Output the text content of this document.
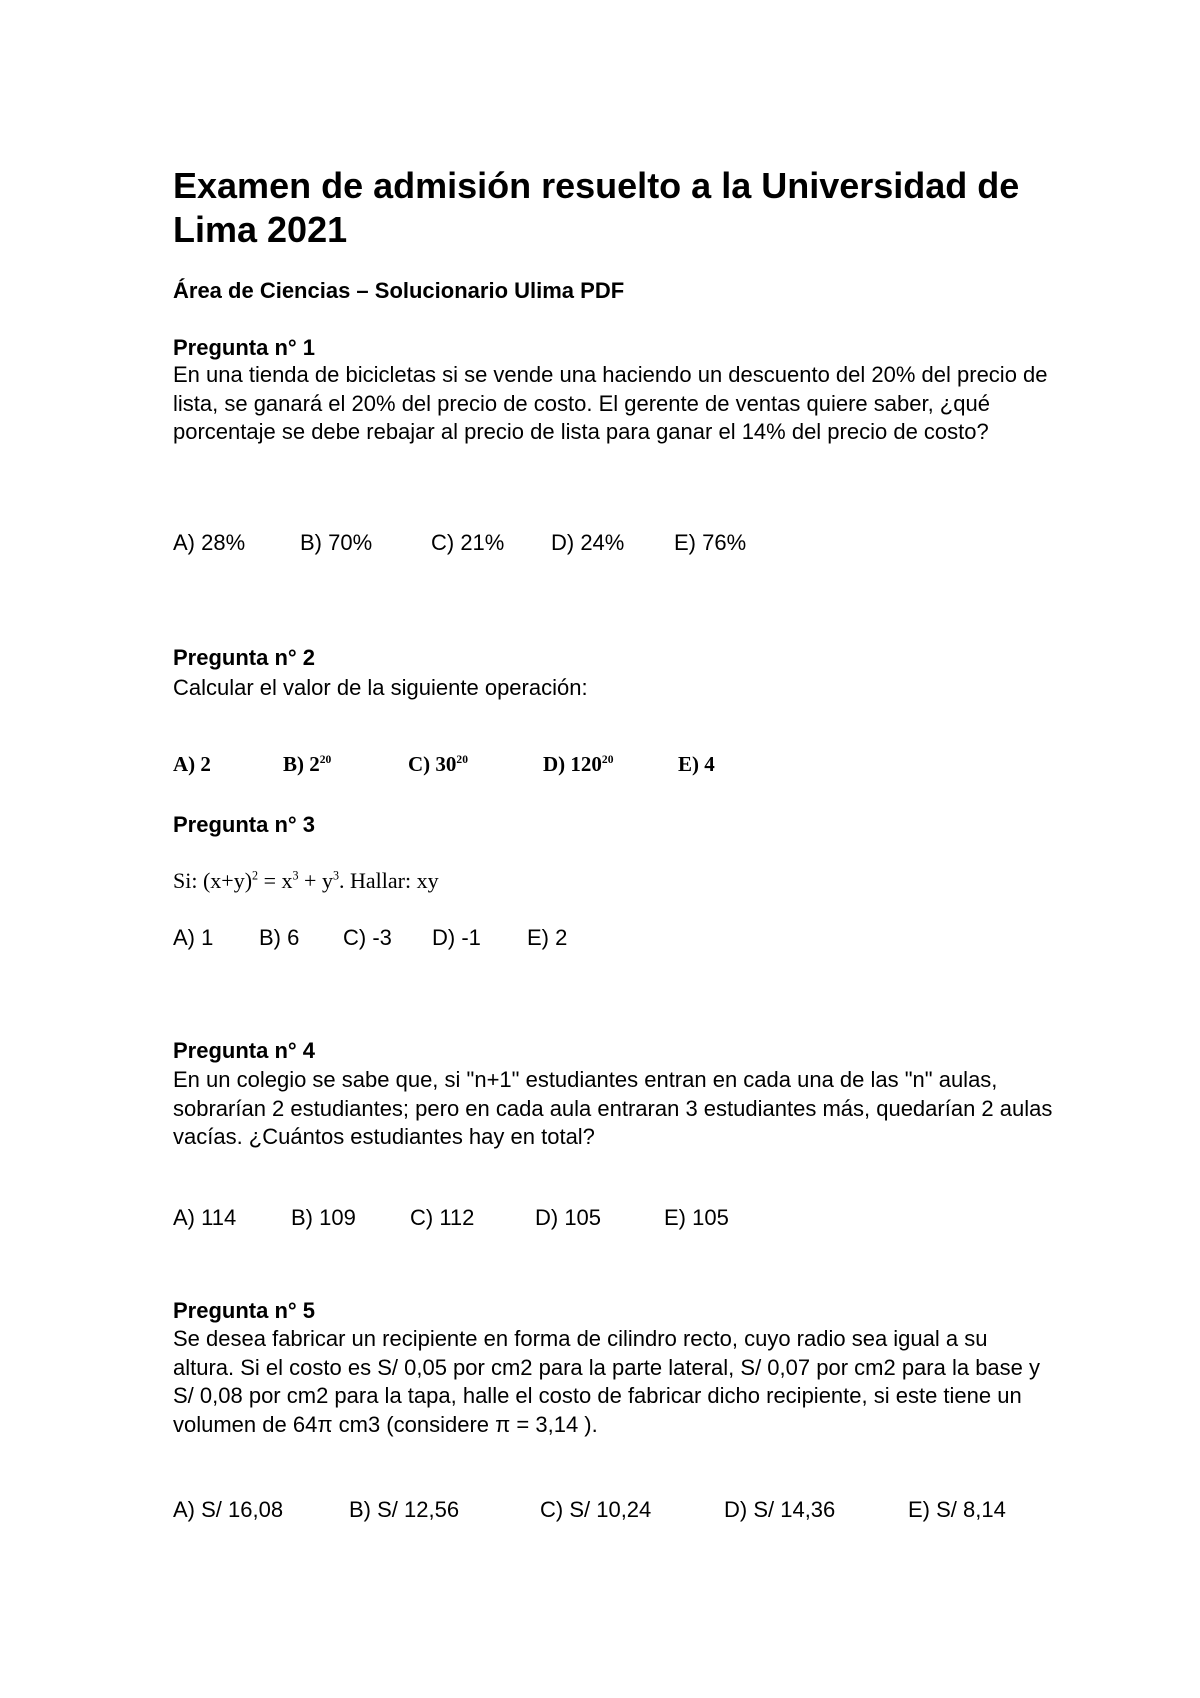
Examen de admisión resuelto a la Universidad de Lima 2021
Área de Ciencias – Solucionario Ulima PDF
Pregunta n° 1
En una tienda de bicicletas si se vende una haciendo un descuento del 20% del precio de lista, se ganará el 20% del precio de costo. El gerente de ventas quiere saber, ¿qué porcentaje se debe rebajar al precio de lista para ganar el 14% del precio de costo?
A) 28% B) 70%	C) 21% D) 24% E) 76%
Pregunta n° 2
Calcular el valor de la siguiente operación:
A) 2	B) $2^{20}$	C) $30^{20}$	D) $120^{20}$	E) 4
Pregunta n° 3
Si: $(x+y)^2 = x^3 + y^3$. Hallar: xy
A) 1 B) 6 C) -3 D) -1 E) 2
Pregunta n° 4
En un colegio se sabe que, si "n+1" estudiantes entran en cada una de las "n" aulas, sobrarían 2 estudiantes; pero en cada aula entraran 3 estudiantes más, quedarían 2 aulas vacías. ¿Cuántos estudiantes hay en total?
A) 114 B) 109 C) 112	D) 105	E) 105
Pregunta n° 5
Se desea fabricar un recipiente en forma de cilindro recto, cuyo radio sea igual a su altura. Si el costo es S/ 0,05 por cm2 para la parte lateral, S/ 0,07 por cm2 para la base y S/ 0,08 por cm2 para la tapa, halle el costo de fabricar dicho recipiente, si este tiene un volumen de 64π cm3 (considere π = 3,14 ).
A) S/ 16,08	B) S/ 12,56	C) S/ 10,24	D) S/ 14,36	E) S/ 8,14
